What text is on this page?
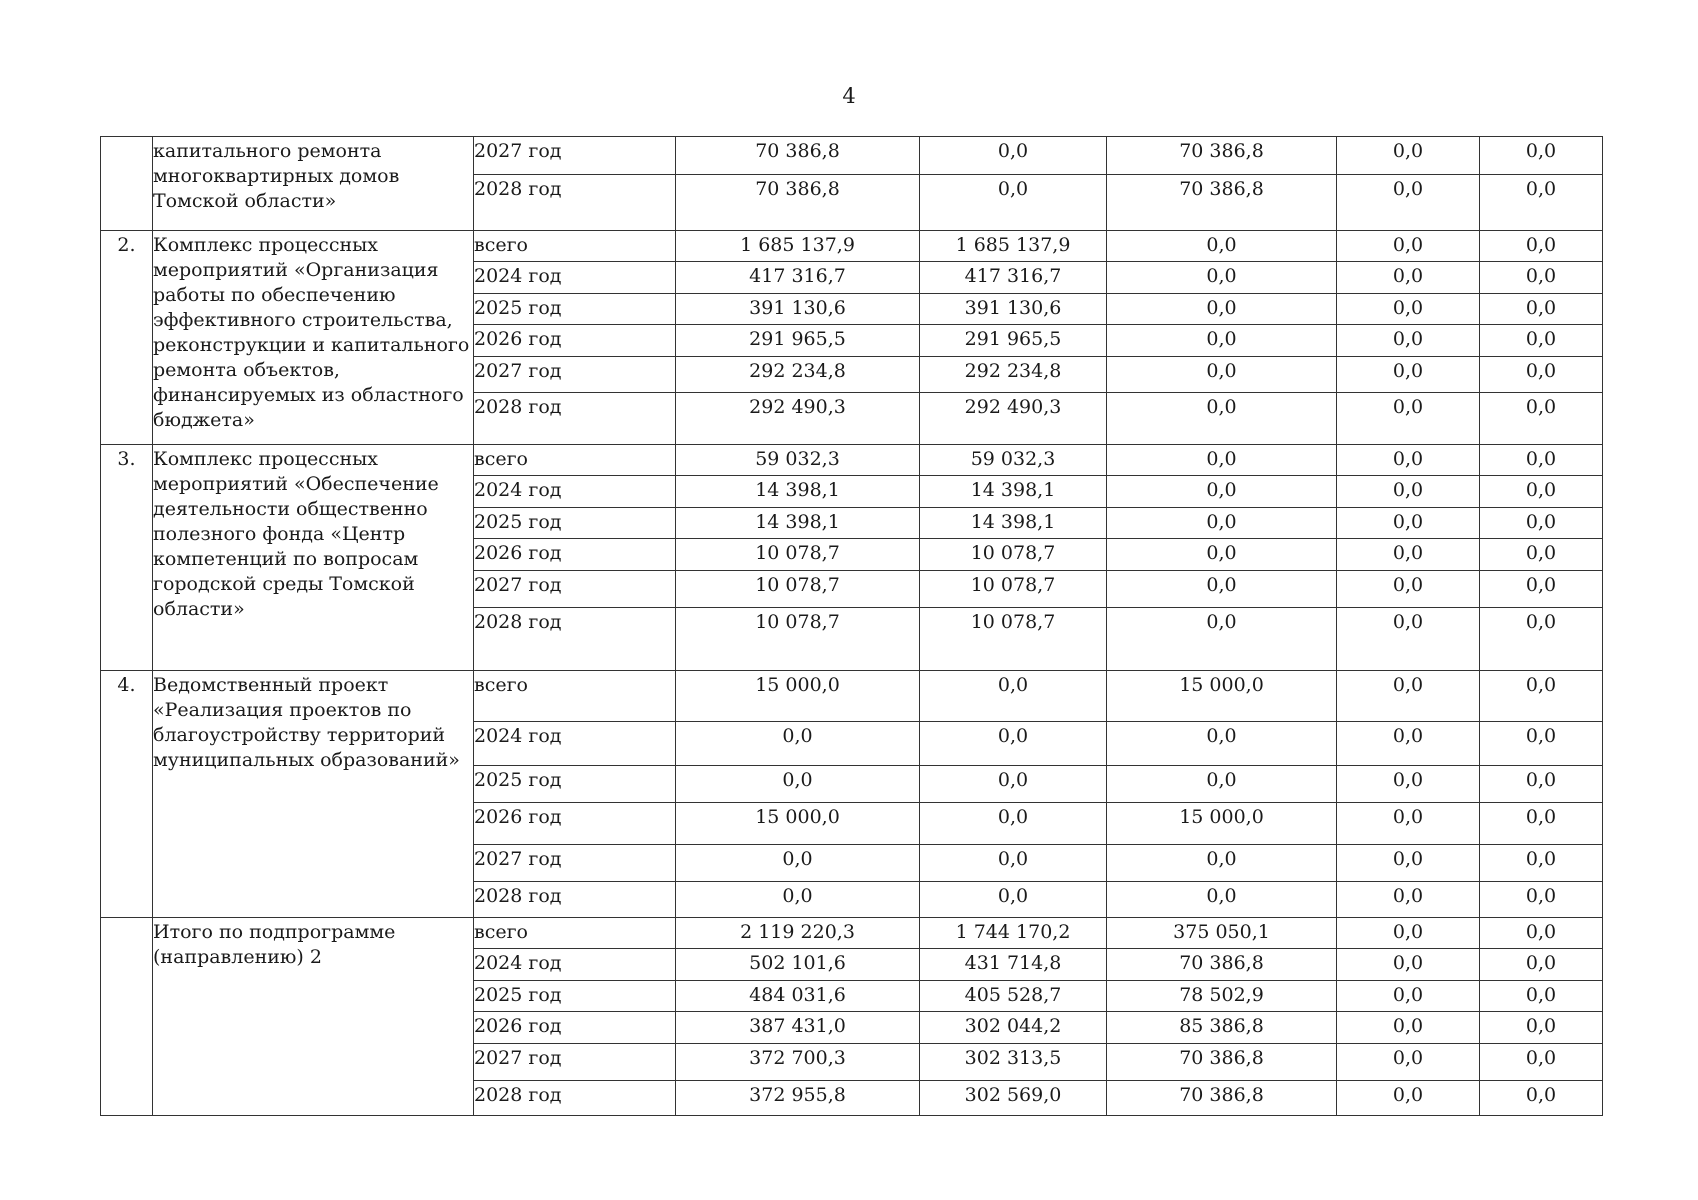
4
	капитального ремонта многоквартирных домов Томской области»	2027 год	70 386,8	0,0	70 386,8	0,0	0,0
		2028 год	70 386,8	0,0	70 386,8	0,0	0,0
2.	Комплекс процессных мероприятий «Организация работы по обеспечению эффективного строительства, реконструкции и капитального ремонта объектов, финансируемых из областного бюджета»	всего	1 685 137,9	1 685 137,9	0,0	0,0	0,0
		2024 год	417 316,7	417 316,7	0,0	0,0	0,0
		2025 год	391 130,6	391 130,6	0,0	0,0	0,0
		2026 год	291 965,5	291 965,5	0,0	0,0	0,0
		2027 год	292 234,8	292 234,8	0,0	0,0	0,0
		2028 год	292 490,3	292 490,3	0,0	0,0	0,0
3.	Комплекс процессных мероприятий «Обеспечение деятельности общественно полезного фонда «Центр компетенций по вопросам городской среды Томской области»	всего	59 032,3	59 032,3	0,0	0,0	0,0
		2024 год	14 398,1	14 398,1	0,0	0,0	0,0
		2025 год	14 398,1	14 398,1	0,0	0,0	0,0
		2026 год	10 078,7	10 078,7	0,0	0,0	0,0
		2027 год	10 078,7	10 078,7	0,0	0,0	0,0
		2028 год	10 078,7	10 078,7	0,0	0,0	0,0
4.	Ведомственный проект «Реализация проектов по благоустройству территорий муниципальных образований»	всего	15 000,0	0,0	15 000,0	0,0	0,0
		2024 год	0,0	0,0	0,0	0,0	0,0
		2025 год	0,0	0,0	0,0	0,0	0,0
		2026 год	15 000,0	0,0	15 000,0	0,0	0,0
		2027 год	0,0	0,0	0,0	0,0	0,0
		2028 год	0,0	0,0	0,0	0,0	0,0
	Итого по подпрограмме (направлению) 2	всего	2 119 220,3	1 744 170,2	375 050,1	0,0	0,0
		2024 год	502 101,6	431 714,8	70 386,8	0,0	0,0
		2025 год	484 031,6	405 528,7	78 502,9	0,0	0,0
		2026 год	387 431,0	302 044,2	85 386,8	0,0	0,0
		2027 год	372 700,3	302 313,5	70 386,8	0,0	0,0
		2028 год	372 955,8	302 569,0	70 386,8	0,0	0,0
